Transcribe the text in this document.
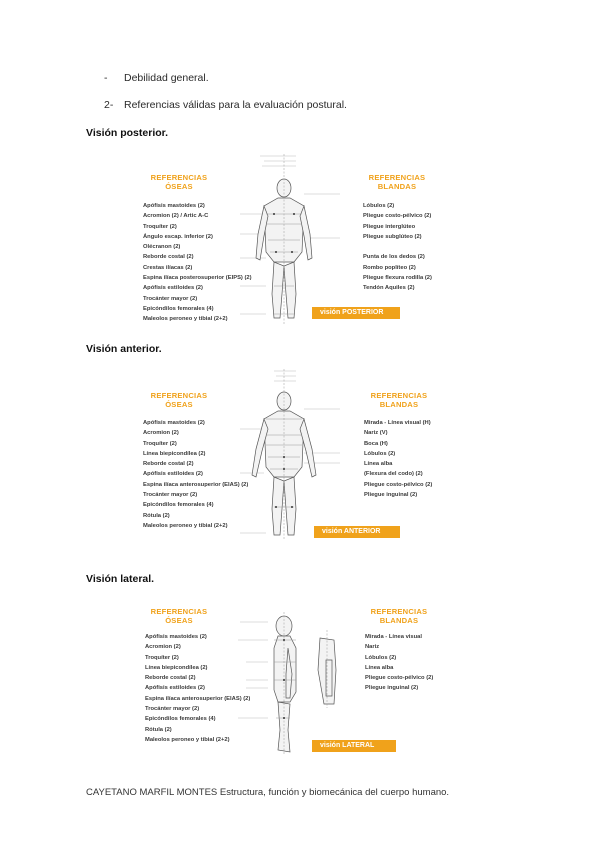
- Debilidad general.
2- Referencias válidas para la evaluación postural.
Visión posterior.
REFERENCIAS
ÓSEAS
REFERENCIAS
BLANDAS
Apófisis mastoides (2)
Acromion (2) / Artic A-C
Troquíter (2)
Ángulo escap. inferior (2)
Olécranon (2)
Reborde costal (2)
Crestas ilíacas (2)
Espina ilíaca posterosuperior (EIPS) (2)
Apófisis estiloides (2)
Trocánter mayor (2)
Epicóndilos femorales (4)
Maleolos peroneo y tibial (2+2)
Lóbulos (2)
Pliegue costo-pélvico (2)
Pliegue interglúteo
Pliegue subglúteo (2)

Punta de los dedos (2)
Rombo poplíteo (2)
Pliegue flexura rodilla (2)
Tendón Aquiles (2)
visión POSTERIOR
Visión anterior.
REFERENCIAS
ÓSEAS
REFERENCIAS
BLANDAS
Apófisis mastoides (2)
Acromion (2)
Troquíter (2)
Línea biepicondílea (2)
Reborde costal (2)
Apófisis estiloides (2)
Espina ilíaca anterosuperior (EIAS) (2)
Trocánter mayor (2)
Epicóndilos femorales (4)
Rótula (2)
Maleolos peroneo y tibial (2+2)
Mirada - Línea visual (H)
Nariz (V)
Boca (H)
Lóbulos (2)
Línea alba
(Flexura del codo) (2)
Pliegue costo-pélvico (2)
Pliegue inguinal (2)
visión ANTERIOR
Visión lateral.
REFERENCIAS
ÓSEAS
REFERENCIAS
BLANDAS
Apófisis mastoides (2)
Acromion (2)
Troquíter (2)
Línea biepicondílea (2)
Reborde costal (2)
Apófisis estiloides (2)
Espina ilíaca anterosuperior (EIAS) (2)
Trocánter mayor (2)
Epicóndilos femorales (4)
Rótula (2)
Maleolos peroneo y tibial (2+2)
Mirada - Línea visual
Nariz
Lóbulos (2)
Línea alba
Pliegue costo-pélvico (2)
Pliegue inguinal (2)
visión LATERAL
CAYETANO MARFIL MONTES Estructura, función y biomecánica del cuerpo humano.
